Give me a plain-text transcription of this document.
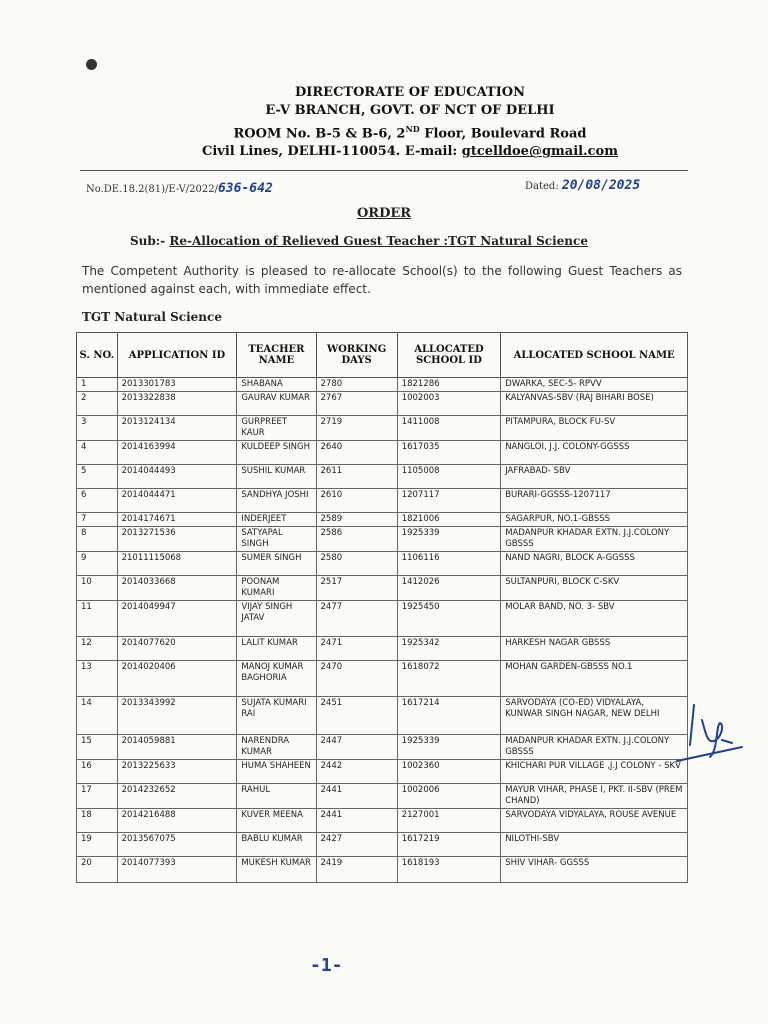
DIRECTORATE OF EDUCATION
E-V BRANCH, GOVT. OF NCT OF DELHI
ROOM No. B-5 & B-6, 2ND Floor, Boulevard Road
Civil Lines, DELHI-110054. E-mail: gtcelldoe@gmail.com
No.DE.18.2(81)/E-V/2022/636-642	Dated: 20/08/2025
ORDER
Sub:- Re-Allocation of Relieved Guest Teacher :TGT Natural Science
The Competent Authority is pleased to re-allocate School(s) to the following Guest Teachers as mentioned against each, with immediate effect.
TGT Natural Science
S. NO.	APPLICATION ID	TEACHER NAME	WORKING DAYS	ALLOCATED SCHOOL ID	ALLOCATED SCHOOL NAME
1	2013301783	SHABANA	2780	1821286	DWARKA, SEC-5- RPVV
2	2013322838	GAURAV KUMAR	2767	1002003	KALYANVAS-SBV (RAJ BIHARI BOSE)
3	2013124134	GURPREET KAUR	2719	1411008	PITAMPURA, BLOCK FU-SV
4	2014163994	KULDEEP SINGH	2640	1617035	NANGLOI, J.J. COLONY-GGSSS
5	2014044493	SUSHIL KUMAR	2611	1105008	JAFRABAD- SBV
6	2014044471	SANDHYA JOSHI	2610	1207117	BURARI-GGSSS-1207117
7	2014174671	INDERJEET	2589	1821006	SAGARPUR, NO.1-GBSSS
8	2013271536	SATYAPAL SINGH	2586	1925339	MADANPUR KHADAR EXTN. J.J.COLONY GBSSS
9	21011115068	SUMER SINGH	2580	1106116	NAND NAGRI, BLOCK A-GGSSS
10	2014033668	POONAM KUMARI	2517	1412026	SULTANPURI, BLOCK C-SKV
11	2014049947	VIJAY SINGH JATAV	2477	1925450	MOLAR BAND, NO. 3- SBV
12	2014077620	LALIT KUMAR	2471	1925342	HARKESH NAGAR GBSSS
13	2014020406	MANOJ KUMAR BAGHORIA	2470	1618072	MOHAN GARDEN-GBSSS NO.1
14	2013343992	SUJATA KUMARI RAI	2451	1617214	SARVODAYA (CO-ED) VIDYALAYA, KUNWAR SINGH NAGAR, NEW DELHI
15	2014059881	NARENDRA KUMAR	2447	1925339	MADANPUR KHADAR EXTN. J.J.COLONY GBSSS
16	2013225633	HUMA SHAHEEN	2442	1002360	KHICHARI PUR VILLAGE ,J.J COLONY - SKV
17	2014232652	RAHUL	2441	1002006	MAYUR VIHAR, PHASE I, PKT. II-SBV (PREM CHAND)
18	2014216488	KUVER MEENA	2441	2127001	SARVODAYA VIDYALAYA, ROUSE AVENUE
19	2013567075	BABLU KUMAR	2427	1617219	NILOTHI-SBV
20	2014077393	MUKESH KUMAR	2419	1618193	SHIV VIHAR- GGSSS
-1-
